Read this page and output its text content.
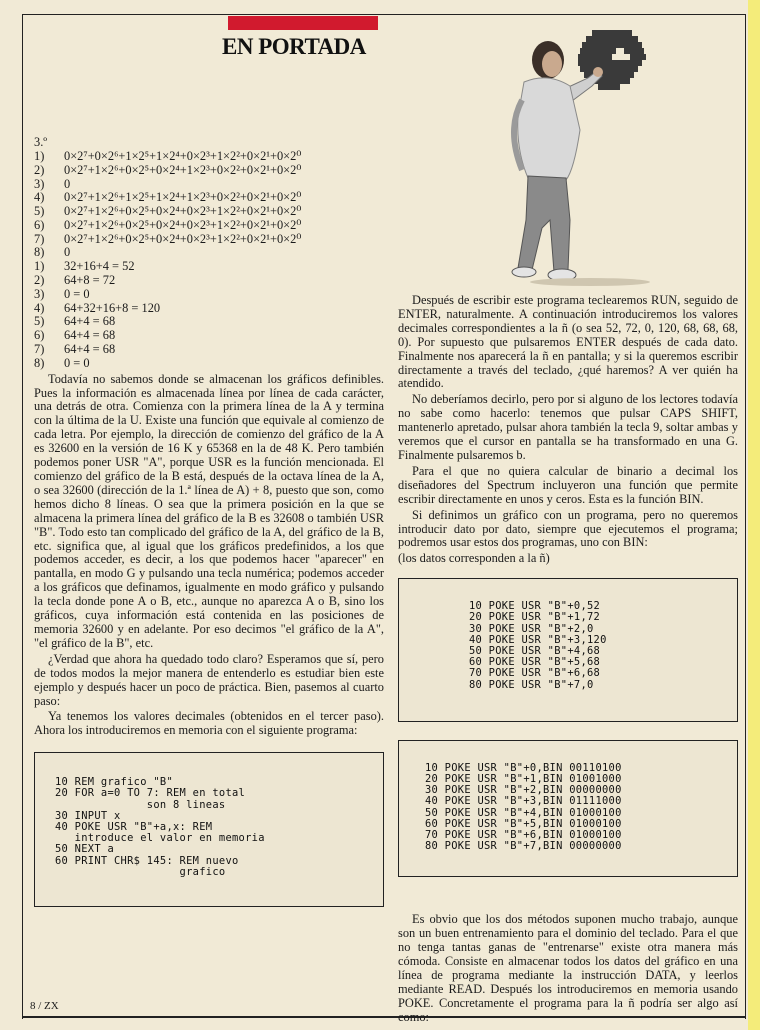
EN PORTADA

3.º

1)	0×2⁷+0×2⁶+1×2⁵+1×2⁴+0×2³+1×2²+0×2¹+0×2⁰
2)	0×2⁷+1×2⁶+0×2⁵+0×2⁴+1×2³+0×2²+0×2¹+0×2⁰
3)	0
4)	0×2⁷+1×2⁶+1×2⁵+1×2⁴+1×2³+0×2²+0×2¹+0×2⁰
5)	0×2⁷+1×2⁶+0×2⁵+0×2⁴+0×2³+1×2²+0×2¹+0×2⁰
6)	0×2⁷+1×2⁶+0×2⁵+0×2⁴+0×2³+1×2²+0×2¹+0×2⁰
7)	0×2⁷+1×2⁶+0×2⁵+0×2⁴+0×2³+1×2²+0×2¹+0×2⁰
8)	0
1)	32+16+4 = 52
2)	64+8 = 72
3)	0 = 0
4)	64+32+16+8 = 120
5)	64+4 = 68
6)	64+4 = 68
7)	64+4 = 68
8)	0 = 0

Todavía no sabemos donde se almacenan los gráficos definibles. Pues la información es almacenada línea por línea de cada carácter, una detrás de otra. Comienza con la primera línea de la A y termina con la última de la U. Existe una función que equivale al comienzo de cada letra. Por ejemplo, la dirección de comienzo del gráfico de la A es 32600 en la versión de 16 K y 65368 en la de 48 K. Pero también podemos poner USR "A", porque USR es la función mencionada. El comienzo del gráfico de la B está, después de la octava línea de la A, o sea 32600 (dirección de la 1.ª línea de A) + 8, puesto que son, como hemos dicho 8 líneas. O sea que la primera posición en la que se almacena la primera línea del gráfico de la B es 32608 o también USR "B". Todo esto tan complicado del gráfico de la A, del gráfico de la B, etc. significa que, al igual que los gráficos predefinidos, a los que podemos acceder, es decir, a los que podemos hacer "aparecer" en pantalla, en modo G y pulsando una tecla numérica; podemos acceder a los gráficos que definamos, igualmente en modo gráfico y pulsando la tecla donde pone A o B, etc., aunque no aparezca A o B, sino los gráficos, cuya información está contenida en las posiciones de memoria 32600 y en adelante. Por eso decimos "el gráfico de la A", "el gráfico de la B", etc.

¿Verdad que ahora ha quedado todo claro? Esperamos que sí, pero de todos modos la mejor manera de entenderlo es estudiar bien este ejemplo y después hacer un poco de práctica. Bien, pasemos al cuarto paso:

Ya tenemos los valores decimales (obtenidos en el tercer paso). Ahora los introduciremos en memoria con el siguiente programa:

10 REM grafico "B"
20 FOR a=0 TO 7: REM en total
son 8 lineas
30 INPUT x
40 POKE USR "B"+a,x: REM
introduce el valor en memoria
50 NEXT a
60 PRINT CHR$ 145: REM nuevo
grafico

Después de escribir este programa teclearemos RUN, seguido de ENTER, naturalmente. A continuación introduciremos los valores decimales correspondientes a la ñ (o sea 52, 72, 0, 120, 68, 68, 68, 0). Por supuesto que pulsaremos ENTER después de cada dato. Finalmente nos aparecerá la ñ en pantalla; y si la queremos escribir directamente a través del teclado, ¿qué haremos? A ver quién ha atendido.

No deberíamos decirlo, pero por si alguno de los lectores todavía no sabe como hacerlo: tenemos que pulsar CAPS SHIFT, mantenerlo apretado, pulsar ahora también la tecla 9, soltar ambas y veremos que el cursor en pantalla se ha transformado en una G. Finalmente pulsaremos b.

Para el que no quiera calcular de binario a decimal los diseñadores del Spectrum incluyeron una función que permite escribir directamente en unos y ceros. Esta es la función BIN.

Si definimos un gráfico con un programa, pero no queremos introducir dato por dato, siempre que ejecutemos el programa; podremos usar estos dos programas, uno con BIN:

(los datos corresponden a la ñ)

10 POKE USR "B"+0,52
20 POKE USR "B"+1,72
30 POKE USR "B"+2,0
40 POKE USR "B"+3,120
50 POKE USR "B"+4,68
60 POKE USR "B"+5,68
70 POKE USR "B"+6,68
80 POKE USR "B"+7,0
10 POKE USR "B"+0,BIN 00110100
20 POKE USR "B"+1,BIN 01001000
30 POKE USR "B"+2,BIN 00000000
40 POKE USR "B"+3,BIN 01111000
50 POKE USR "B"+4,BIN 01000100
60 POKE USR "B"+5,BIN 01000100
70 POKE USR "B"+6,BIN 01000100
80 POKE USR "B"+7,BIN 00000000

Es obvio que los dos métodos suponen mucho trabajo, aunque son un buen entrenamiento para el dominio del teclado. Para el que no tenga tantas ganas de "entrenarse" existe otra manera más cómoda. Consiste en almacenar todos los datos del gráfico en una línea de programa mediante la instrucción DATA, y leerlos mediante READ. Después los introduciremos en memoria usando POKE. Concretamente el programa para la ñ podría ser algo así como:

8 / ZX
